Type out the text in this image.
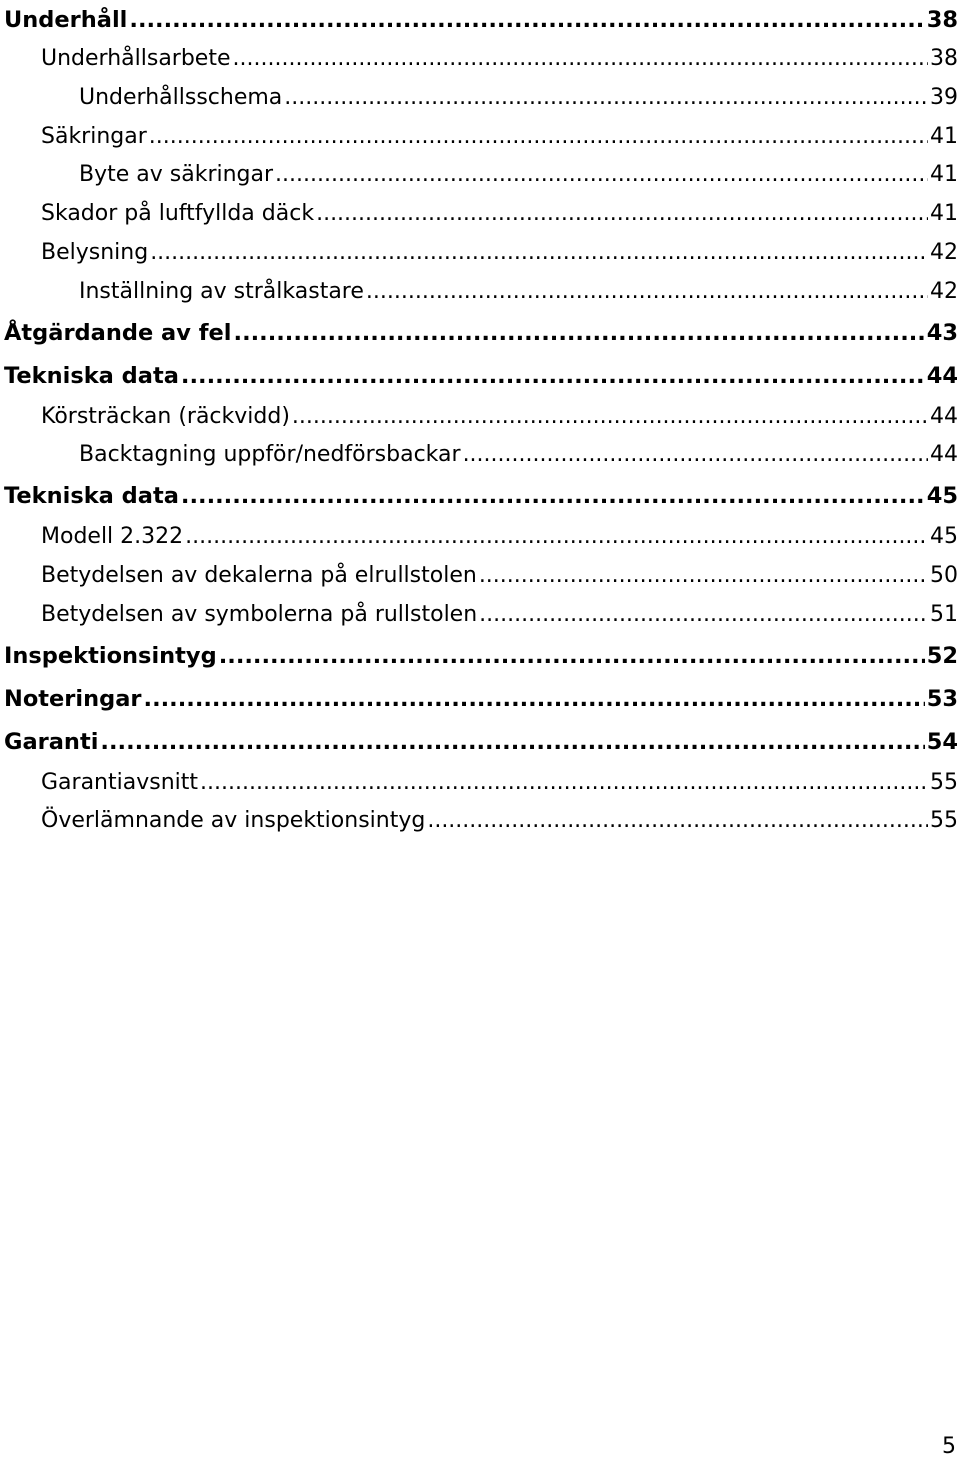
Underhåll .....	38
Underhållsarbete .....	38
Underhållsschema .....	39
Säkringar .....	41
Byte av säkringar .....	41
Skador på luftfyllda däck .....	41
Belysning .....	42
Inställning av strålkastare .....	42
Åtgärdande av fel .....	43
Tekniska data .....	44
Körsträckan (räckvidd) .....	44
Backtagning uppför/nedförsbackar .....	44
Tekniska data .....	45
Modell 2.322 .....	45
Betydelsen av dekalerna på elrullstolen .....	50
Betydelsen av symbolerna på rullstolen .....	51
Inspektionsintyg .....	52
Noteringar .....	53
Garanti .....	54
Garantiavsnitt .....	55
Överlämnande av inspektionsintyg .....	55
5
